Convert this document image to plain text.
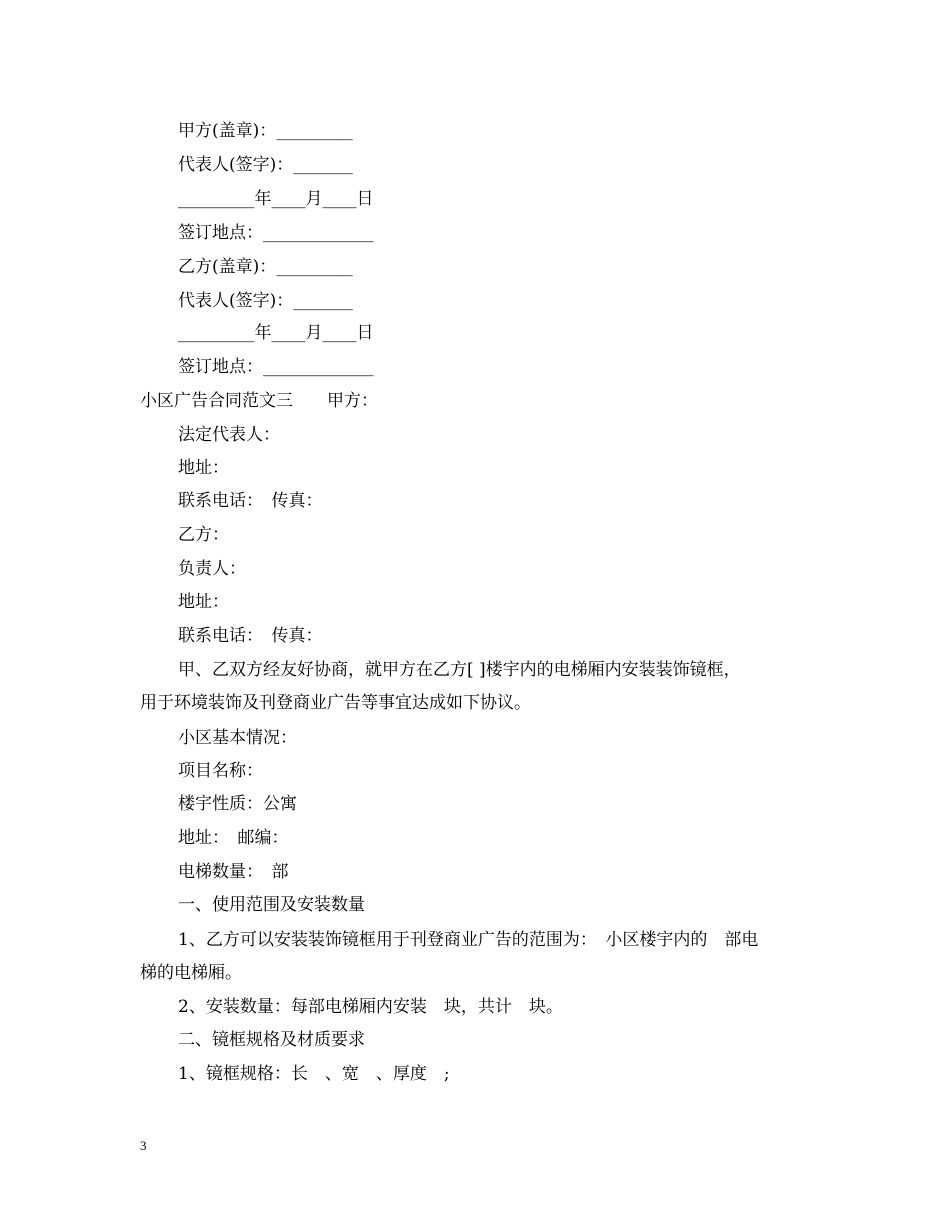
甲方(盖章)：_________
代表人(签字)：_______
_________年____月____日
签订地点：_____________
乙方(盖章)：_________
代表人(签字)：_______
_________年____月____日
签订地点：_____________
小区广告合同范文三　　甲方：
法定代表人：
地址：
联系电话：　传真：
乙方：
负责人：
地址：
联系电话：　传真：
甲、乙双方经友好协商，就甲方在乙方[ ]楼宇内的电梯厢内安装装饰镜框，
用于环境装饰及刊登商业广告等事宜达成如下协议。
小区基本情况：
项目名称：
楼宇性质：公寓
地址：　邮编：
电梯数量：　部
一、使用范围及安装数量
1、乙方可以安装装饰镜框用于刊登商业广告的范围为：　小区楼宇内的　部电
梯的电梯厢。
2、安装数量：每部电梯厢内安装　块，共计　块。
二、镜框规格及材质要求
1、镜框规格：长　、宽　、厚度　;
3
